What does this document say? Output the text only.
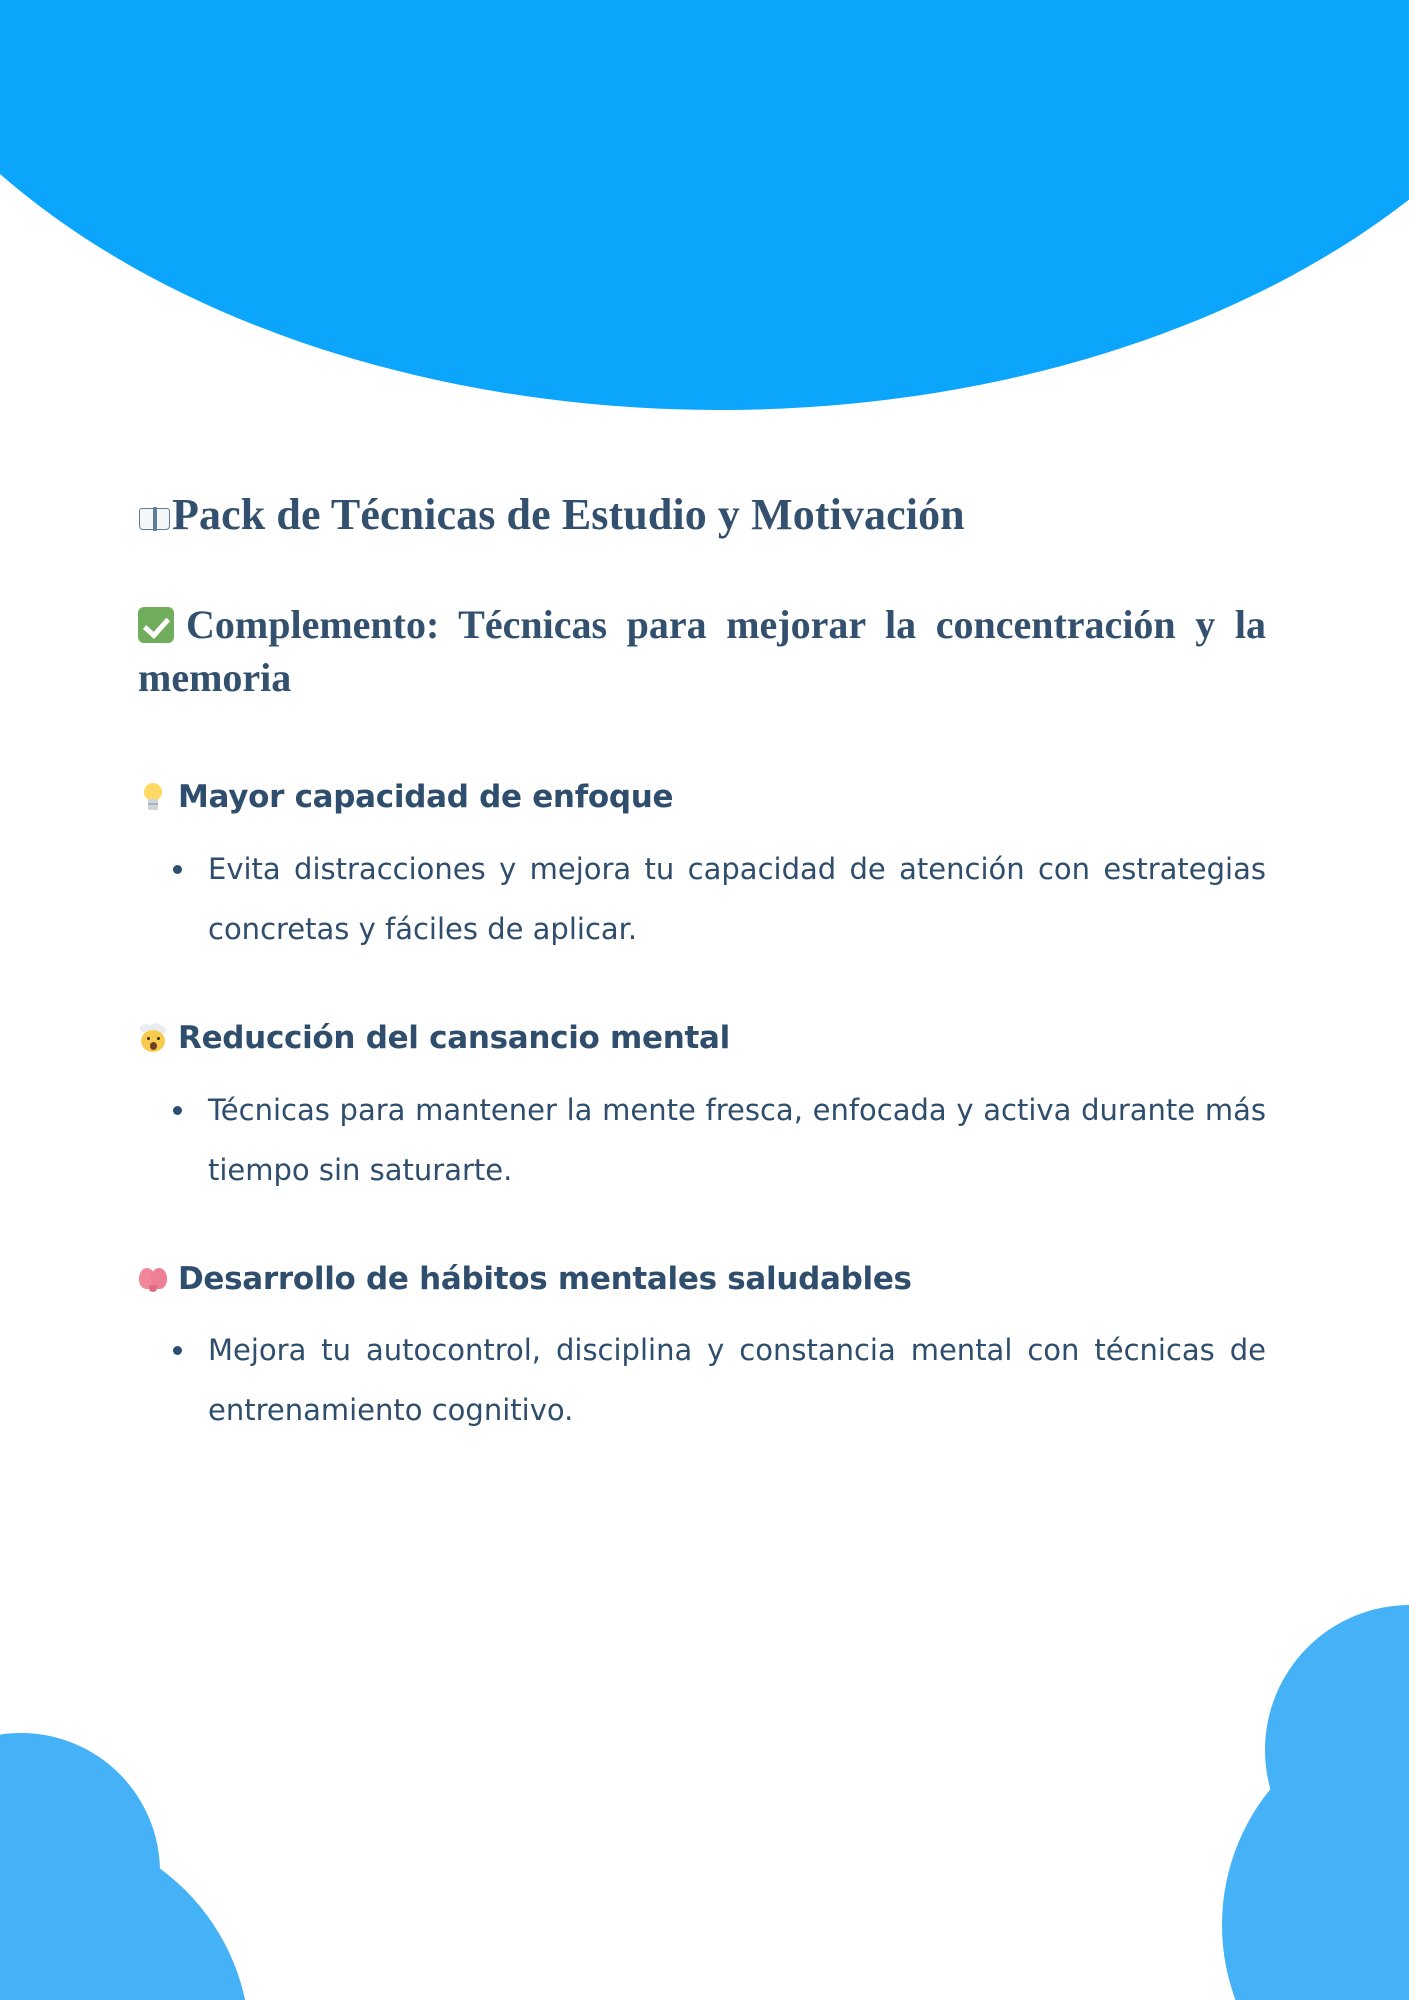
Pack de Técnicas de Estudio y Motivación

Complemento: Técnicas para mejorar la concentración y la memoria

Mayor capacidad de enfoque
Evita distracciones y mejora tu capacidad de atención con estrategias concretas y fáciles de aplicar.
Reducción del cansancio mental
Técnicas para mantener la mente fresca, enfocada y activa durante más tiempo sin saturarte.
Desarrollo de hábitos mentales saludables
Mejora tu autocontrol, disciplina y constancia mental con técnicas de entrenamiento cognitivo.
